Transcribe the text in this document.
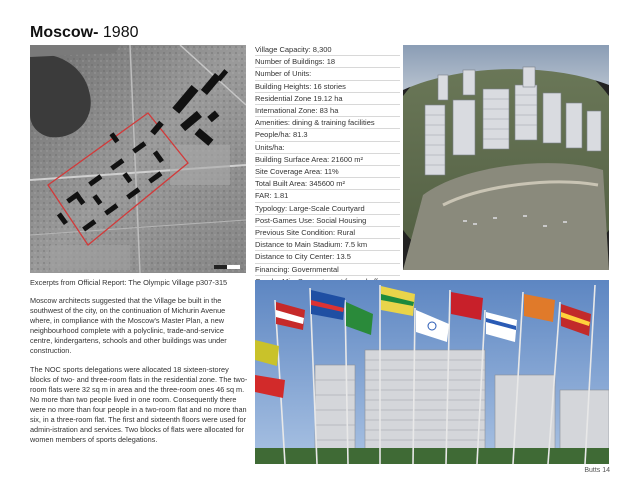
Moscow- 1980
Excerpts from Official Report: The Olympic Village p307-315

Moscow architects suggested that the Village be built in the southwest of the city, on the continuation of Michurin Avenue where, in compliance with the Moscow's Master Plan, a new neighbourhood complete with a polyclinic, trade-and-service centre, kindergartens, schools and other buildings was under construction.

The NOC sports delegations were allocated 18 sixteen-storey blocks of two- and three-room flats in the residential zone. The two-room flats were 32 sq m in area and the three-room ones 46 sq m. No more than two people lived in one room. Consequently there were no more than four people in a two-room flat and no more than six, in a three-room flat. The first and sixteenth floors were used for admin-istration and services. Two blocks of flats were allocated for women members of sports delegations.

Village Capacity: 8,300
Number of Buildings: 18
Number of Units:
Building Heights: 16 stories
Residential Zone 19.12 ha
International Zone: 83 ha
Amenities: dining & training facilities
People/ha: 81.3
Units/ha:
Building Surface Area: 21600 m²
Site Coverage Area: 11%
Total Built Area: 345600 m²
FAR: 1.81
Typology: Large-Scale Courtyard
Post-Games Use: Social Housing
Previous Site Condition: Rural
Distance to Main Stadium: 7.5 km
Distance to City Center: 13.5
Financing: Governmental
Butts 14
